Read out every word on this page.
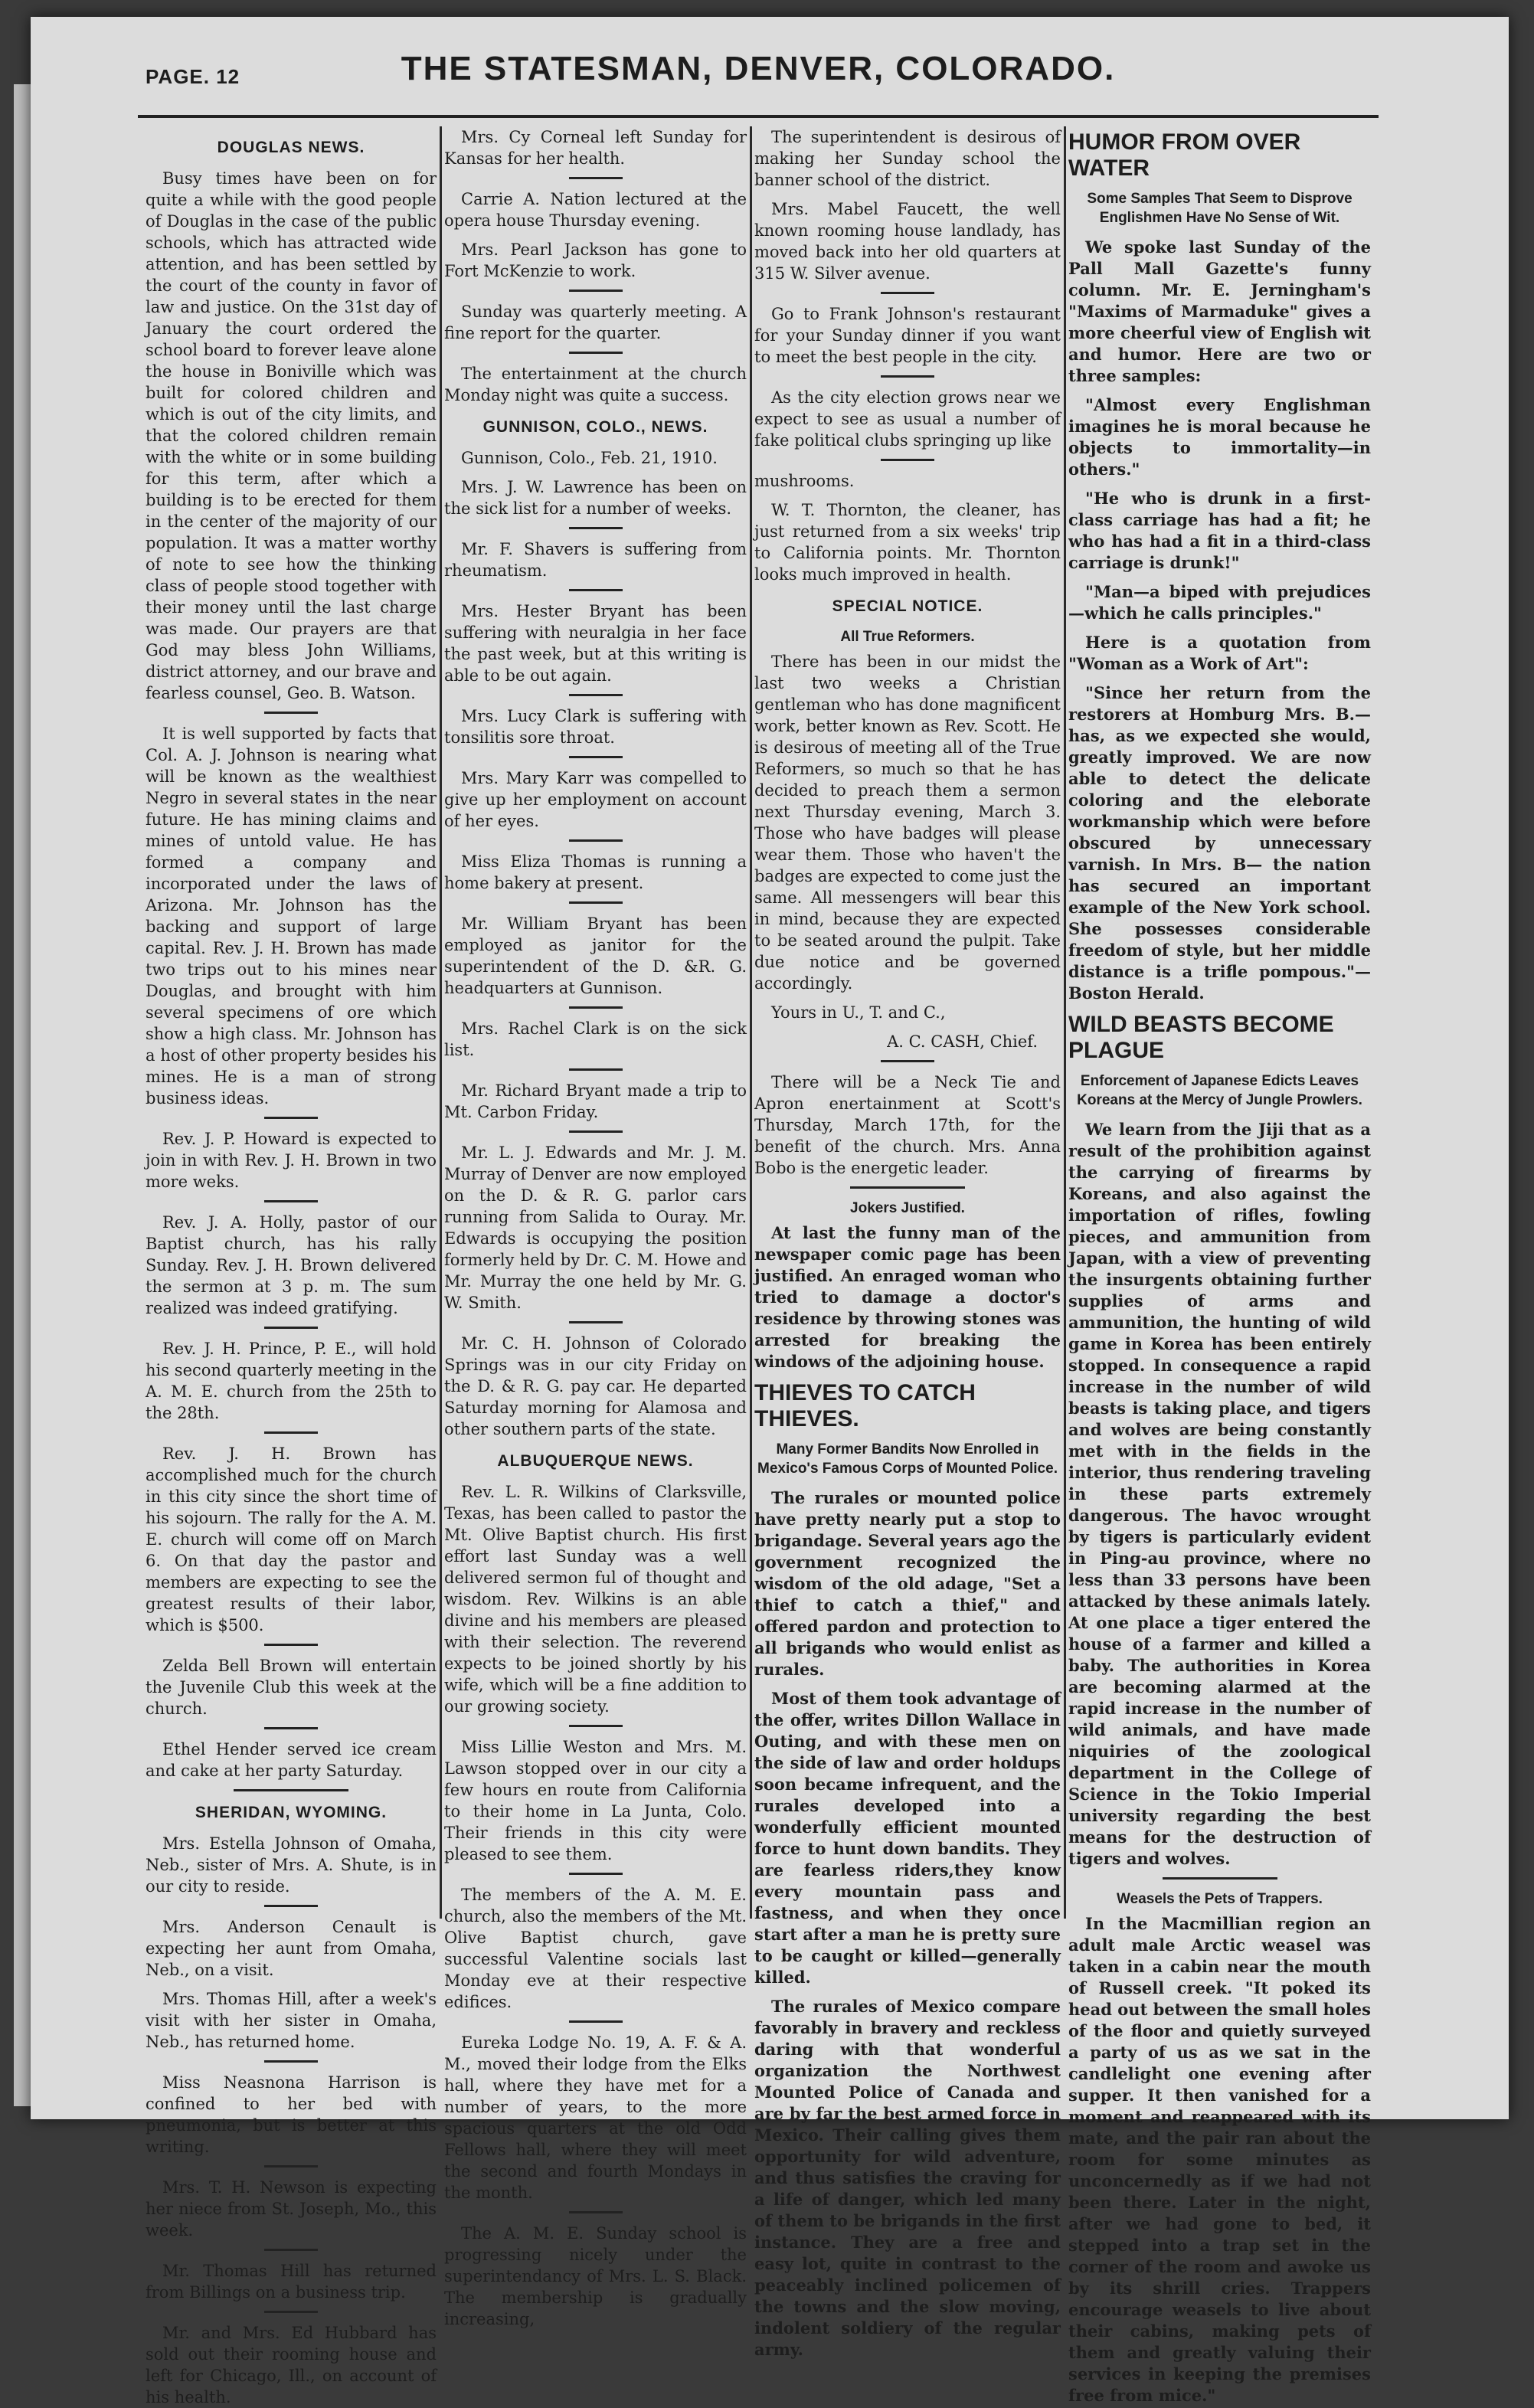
PAGE. 12	THE STATESMAN, DENVER, COLORADO.
DOUGLAS NEWS.

Busy times have been on for quite a while with the good people of Douglas in the case of the public schools, which has attracted wide attention, and has been settled by the court of the county in favor of law and justice. On the 31st day of January the court ordered the school board to forever leave alone the house in Boniville which was built for colored children and which is out of the city limits, and that the colored children remain with the white or in some building for this term, after which a building is to be erected for them in the center of the majority of our population. It was a matter worthy of note to see how the thinking class of people stood together with their money until the last charge was made. Our prayers are that God may bless John Williams, district attorney, and our brave and fearless counsel, Geo. B. Watson.

It is well supported by facts that Col. A. J. Johnson is nearing what will be known as the wealthiest Negro in several states in the near future. He has mining claims and mines of untold value. He has formed a company and incorporated under the laws of Arizona. Mr. Johnson has the backing and support of large capital. Rev. J. H. Brown has made two trips out to his mines near Douglas, and brought with him several specimens of ore which show a high class. Mr. Johnson has a host of other property besides his mines. He is a man of strong business ideas.

Rev. J. P. Howard is expected to join in with Rev. J. H. Brown in two more weks.

Rev. J. A. Holly, pastor of our Baptist church, has his rally Sunday. Rev. J. H. Brown delivered the sermon at 3 p. m. The sum realized was indeed gratifying.

Rev. J. H. Prince, P. E., will hold his second quarterly meeting in the A. M. E. church from the 25th to the 28th.

Rev. J. H. Brown has accomplished much for the church in this city since the short time of his sojourn. The rally for the A. M. E. church will come off on March 6. On that day the pastor and members are expecting to see the greatest results of their labor, which is $500.

Zelda Bell Brown will entertain the Juvenile Club this week at the church.

Ethel Hender served ice cream and cake at her party Saturday.

SHERIDAN, WYOMING.

Mrs. Estella Johnson of Omaha, Neb., sister of Mrs. A. Shute, is in our city to reside.

Mrs. Anderson Cenault is expecting her aunt from Omaha, Neb., on a visit.

Mrs. Thomas Hill, after a week's visit with her sister in Omaha, Neb., has returned home.

Miss Neasnona Harrison is confined to her bed with pneumonia, but is better at this writing.

Mrs. T. H. Newson is expecting her niece from St. Joseph, Mo., this week.

Mr. Thomas Hill has returned from Billings on a business trip.

Mr. and Mrs. Ed Hubbard has sold out their rooming house and left for Chicago, Ill., on account of his health.

Mrs. Cy Corneal left Sunday for Kansas for her health.

Carrie A. Nation lectured at the opera house Thursday evening.

Mrs. Pearl Jackson has gone to Fort McKenzie to work.

Sunday was quarterly meeting. A fine report for the quarter.

The entertainment at the church Monday night was quite a success.

GUNNISON, COLO., NEWS.

Gunnison, Colo., Feb. 21, 1910.

Mrs. J. W. Lawrence has been on the sick list for a number of weeks.

Mr. F. Shavers is suffering from rheumatism.

Mrs. Hester Bryant has been suffering with neuralgia in her face the past week, but at this writing is able to be out again.

Mrs. Lucy Clark is suffering with tonsilitis sore throat.

Mrs. Mary Karr was compelled to give up her employment on account of her eyes.

Miss Eliza Thomas is running a home bakery at present.

Mr. William Bryant has been employed as janitor for the superintendent of the D. &R. G. headquarters at Gunnison.

Mrs. Rachel Clark is on the sick list.

Mr. Richard Bryant made a trip to Mt. Carbon Friday.

Mr. L. J. Edwards and Mr. J. M. Murray of Denver are now employed on the D. & R. G. parlor cars running from Salida to Ouray. Mr. Edwards is occupying the position formerly held by Dr. C. M. Howe and Mr. Murray the one held by Mr. G. W. Smith.

Mr. C. H. Johnson of Colorado Springs was in our city Friday on the D. & R. G. pay car. He departed Saturday morning for Alamosa and other southern parts of the state.

ALBUQUERQUE NEWS.

Rev. L. R. Wilkins of Clarksville, Texas, has been called to pastor the Mt. Olive Baptist church. His first effort last Sunday was a well delivered sermon ful of thought and wisdom. Rev. Wilkins is an able divine and his members are pleased with their selection. The reverend expects to be joined shortly by his wife, which will be a fine addition to our growing society.

Miss Lillie Weston and Mrs. M. Lawson stopped over in our city a few hours en route from California to their home in La Junta, Colo. Their friends in this city were pleased to see them.

The members of the A. M. E. church, also the members of the Mt. Olive Baptist church, gave successful Valentine socials last Monday eve at their respective edifices.

Eureka Lodge No. 19, A. F. & A. M., moved their lodge from the Elks hall, where they have met for a number of years, to the more spacious quarters at the old Odd Fellows hall, where they will meet the second and fourth Mondays in the month.

The A. M. E. Sunday school is progressing nicely under the superintendancy of Mrs. L. S. Black. The membership is gradually increasing,

The superintendent is desirous of making her Sunday school the banner school of the district.

Mrs. Mabel Faucett, the well known rooming house landlady, has moved back into her old quarters at 315 W. Silver avenue.

Go to Frank Johnson's restaurant for your Sunday dinner if you want to meet the best people in the city.

As the city election grows near we expect to see as usual a number of fake political clubs springing up like

mushrooms.

W. T. Thornton, the cleaner, has just returned from a six weeks' trip to California points. Mr. Thornton looks much improved in health.

SPECIAL NOTICE.
All True Reformers.

There has been in our midst the last two weeks a Christian gentleman who has done magnificent work, better known as Rev. Scott. He is desirous of meeting all of the True Reformers, so much so that he has decided to preach them a sermon next Thursday evening, March 3. Those who have badges will please wear them. Those who haven't the badges are expected to come just the same. All messengers will bear this in mind, because they are expected to be seated around the pulpit. Take due notice and be governed accordingly.

Yours in U., T. and C.,

A. C. CASH, Chief.

There will be a Neck Tie and Apron enertainment at Scott's Thursday, March 17th, for the benefit of the church. Mrs. Anna Bobo is the energetic leader.

Jokers Justified.

At last the funny man of the newspaper comic page has been justified. An enraged woman who tried to damage a doctor's residence by throwing stones was arrested for breaking the windows of the adjoining house.

THIEVES TO CATCH THIEVES.
Many Former Bandits Now Enrolled in Mexico's Famous Corps of Mounted Police.

The rurales or mounted police have pretty nearly put a stop to brigandage. Several years ago the government recognized the wisdom of the old adage, "Set a thief to catch a thief," and offered pardon and protection to all brigands who would enlist as rurales.

Most of them took advantage of the offer, writes Dillon Wallace in Outing, and with these men on the side of law and order holdups soon became infrequent, and the rurales developed into a wonderfully efficient mounted force to hunt down bandits. They are fearless riders,they know every mountain pass and fastness, and when they once start after a man he is pretty sure to be caught or killed—generally killed.

The rurales of Mexico compare favorably in bravery and reckless daring with that wonderful organization the Northwest Mounted Police of Canada and are by far the best armed force in Mexico. Their calling gives them opportunity for wild adventure, and thus satisfies the craving for a life of danger, which led many of them to be brigands in the first instance. They are a free and easy lot, quite in contrast to the peaceably inclined policemen of the towns and the slow moving, indolent soldiery of the regular army.

HUMOR FROM OVER WATER
Some Samples That Seem to Disprove Englishmen Have No Sense of Wit.

We spoke last Sunday of the Pall Mall Gazette's funny column. Mr. E. Jerningham's "Maxims of Marmaduke" gives a more cheerful view of English wit and humor. Here are two or three samples:

"Almost every Englishman imagines he is moral because he objects to immortality—in others."

"He who is drunk in a first-class carriage has had a fit; he who has had a fit in a third-class carriage is drunk!"

"Man—a biped with prejudices—which he calls principles."

Here is a quotation from "Woman as a Work of Art":

"Since her return from the restorers at Homburg Mrs. B.—has, as we expected she would, greatly improved. We are now able to detect the delicate coloring and the eleborate workmanship which were before obscured by unnecessary varnish. In Mrs. B— the nation has secured an important example of the New York school. She possesses considerable freedom of style, but her middle distance is a trifle pompous."—Boston Herald.

WILD BEASTS BECOME PLAGUE
Enforcement of Japanese Edicts Leaves Koreans at the Mercy of Jungle Prowlers.

We learn from the Jiji that as a result of the prohibition against the carrying of firearms by Koreans, and also against the importation of rifles, fowling pieces, and ammunition from Japan, with a view of preventing the insurgents obtaining further supplies of arms and ammunition, the hunting of wild game in Korea has been entirely stopped. In consequence a rapid increase in the number of wild beasts is taking place, and tigers and wolves are being constantly met with in the fields in the interior, thus rendering traveling in these parts extremely dangerous. The havoc wrought by tigers is particularly evident in Ping-au province, where no less than 33 persons have been attacked by these animals lately. At one place a tiger entered the house of a farmer and killed a baby. The authorities in Korea are becoming alarmed at the rapid increase in the number of wild animals, and have made niquiries of the zoological department in the College of Science in the Tokio Imperial university regarding the best means for the destruction of tigers and wolves.

Weasels the Pets of Trappers.

In the Macmillian region an adult male Arctic weasel was taken in a cabin near the mouth of Russell creek. "It poked its head out between the small holes of the floor and quietly surveyed a party of us as we sat in the candlelight one evening after supper. It then vanished for a moment and reappeared with its mate, and the pair ran about the room for some minutes as unconcernedly as if we had not been there. Later in the night, after we had gone to bed, it stepped into a trap set in the corner of the room and awoke us by its shrill cries. Trappers encourage weasels to live about their cabins, making pets of them and greatly valuing their services in keeping the premises free from mice."
